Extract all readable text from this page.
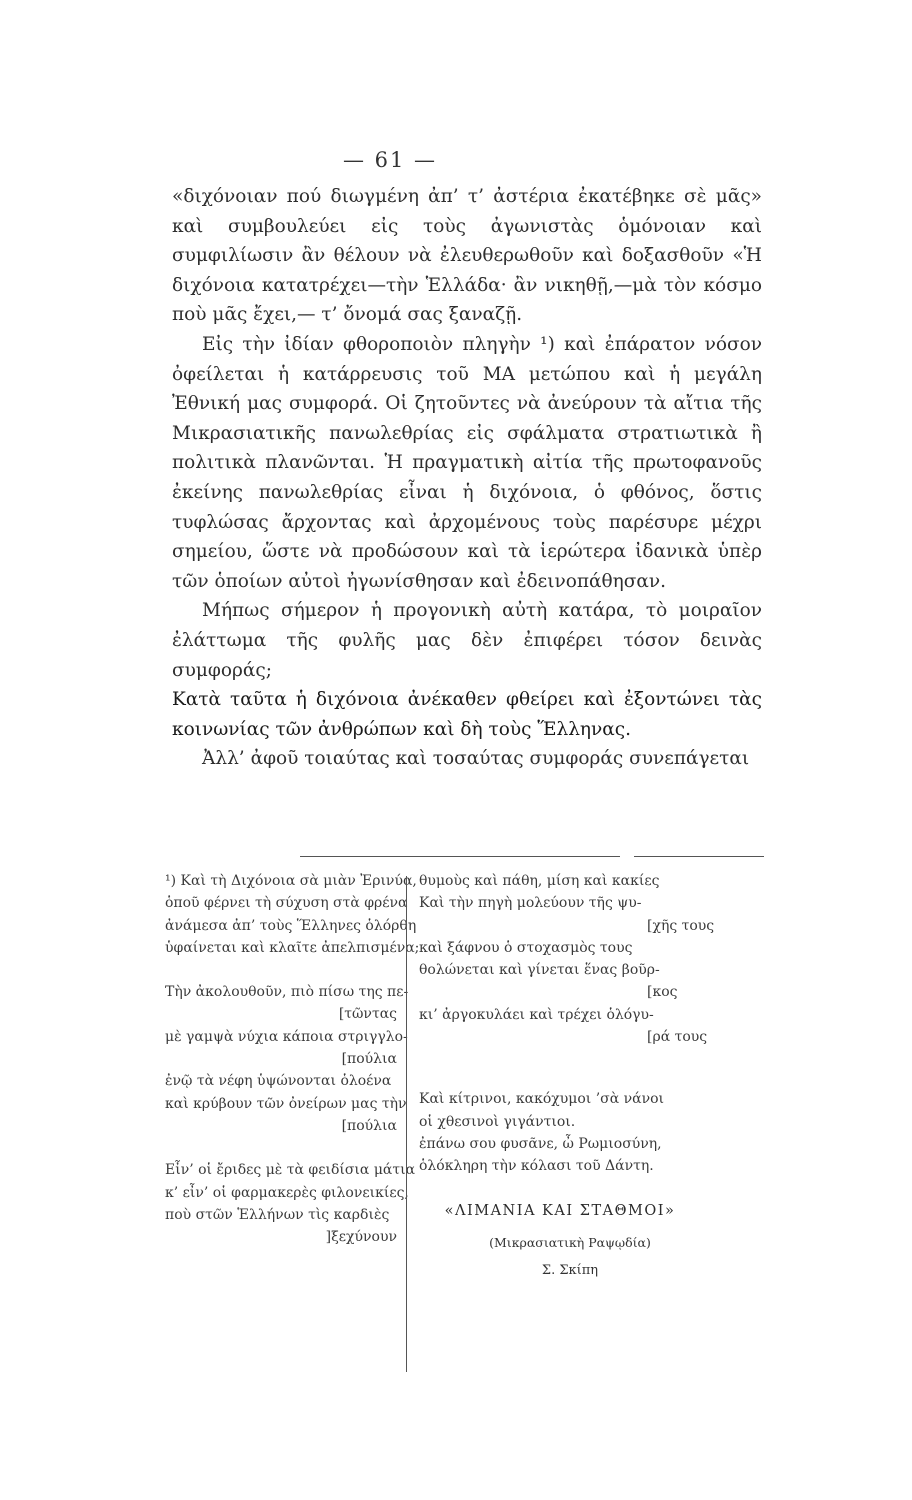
— 61 —

«διχόνοιαν πού διωγμένη ἀπ’ τ’ ἀστέρια ἐκατέβηκε σὲ μᾶς» καὶ συμβουλεύει εἰς τοὺς ἀγωνιστὰς ὁμόνοιαν καὶ συμφιλίωσιν ἂν θέλουν νὰ ἐλευθερωθοῦν καὶ δοξασθοῦν «Ἡ διχόνοια κατατρέχει—τὴν Ἑλλάδα· ἂν νικηθῇ,—μὰ τὸν κόσμο ποὺ μᾶς ἔχει,— τ’ ὄνομά σας ξαναζῇ.

Εἰς τὴν ἰδίαν φθοροποιὸν πληγὴν ¹) καὶ ἐπάρατον νόσον ὀφείλεται ἡ κατάρρευσις τοῦ ΜΑ μετώπου καὶ ἡ μεγάλη Ἐθνική μας συμφορά. Οἱ ζητοῦντες νὰ ἀνεύρουν τὰ αἴτια τῆς Μικρασιατικῆς πανωλεθρίας εἰς σφάλματα στρατιωτικὰ ἢ πολιτικὰ πλανῶνται. Ἡ πραγματικὴ αἰτία τῆς πρωτοφανοῦς ἐκείνης πανωλεθρίας εἶναι ἡ διχόνοια, ὁ φθόνος, ὅστις τυφλώσας ἄρχοντας καὶ ἀρχομένους τοὺς παρέσυρε μέχρι σημείου, ὥστε νὰ προδώσουν καὶ τὰ ἱερώτερα ἰδανικὰ ὑπὲρ τῶν ὁποίων αὐτοὶ ἠγωνίσθησαν καὶ ἐδεινοπάθησαν.

Μήπως σήμερον ἡ προγονικὴ αὐτὴ κατάρα, τὸ μοιραῖον ἐλάττωμα τῆς φυλῆς μας δὲν ἐπιφέρει τόσον δεινὰς συμφοράς;

Κατὰ ταῦτα ἡ διχόνοια ἀνέκαθεν φθείρει καὶ ἐξοντώνει τὰς κοινωνίας τῶν ἀνθρώπων καὶ δὴ τοὺς Ἕλληνας.

Ἀλλ’ ἀφοῦ τοιαύτας καὶ τοσαύτας συμφοράς συνεπάγεται

¹) Καὶ τὴ Διχόνοια σὰ μιὰν Ἐρινύα,
ὁποῦ φέρνει τὴ σύχυση στὰ φρένα
ἀνάμεσα ἀπ’ τοὺς Ἕλληνες ὁλόρθη
ὑφαίνεται καὶ κλαῖτε ἀπελπισμένα;
Τὴν ἀκολουθοῦν, πιὸ πίσω της πε-
[τῶντας
μὲ γαμψὰ νύχια κάποια στριγγλο-
[πούλια
ἐνῷ τὰ νέφη ὑψώνονται ὁλοένα
καὶ κρύβουν τῶν ὀνείρων μας τὴν
[πούλια
Εἶν’ οἱ ἔριδες μὲ τὰ φειδίσια μάτια
κ’ εἶν’ οἱ φαρμακερὲς φιλονεικίες,
ποὺ στῶν Ἑλλήνων τὶς καρδιὲς
]ξεχύνουν
θυμοὺς καὶ πάθη, μίση καὶ κακίες
Καὶ τὴν πηγὴ μολεύουν τῆς ψυ-
[χῆς τους
καὶ ξάφνου ὁ στοχασμὸς τους
θολώνεται καὶ γίνεται ἕνας βοῦρ-
[κος
κι’ ἀργοκυλάει καὶ τρέχει ὁλόγυ-
[ρά τους
Καὶ κίτρινοι, κακόχυμοι ’σὰ νάνοι
οἱ χθεσινοὶ γιγάντιοι.
ἐπάνω σου φυσᾶνε, ὦ Ρωμιοσύνη,
ὁλόκληρη τὴν κόλασι τοῦ Δάντη.
«ΛΙΜΑΝΙΑ ΚΑΙ ΣΤΑΘΜΟΙ»
(Μικρασιατικὴ Ραψῳδία)
Σ. Σκίπη
